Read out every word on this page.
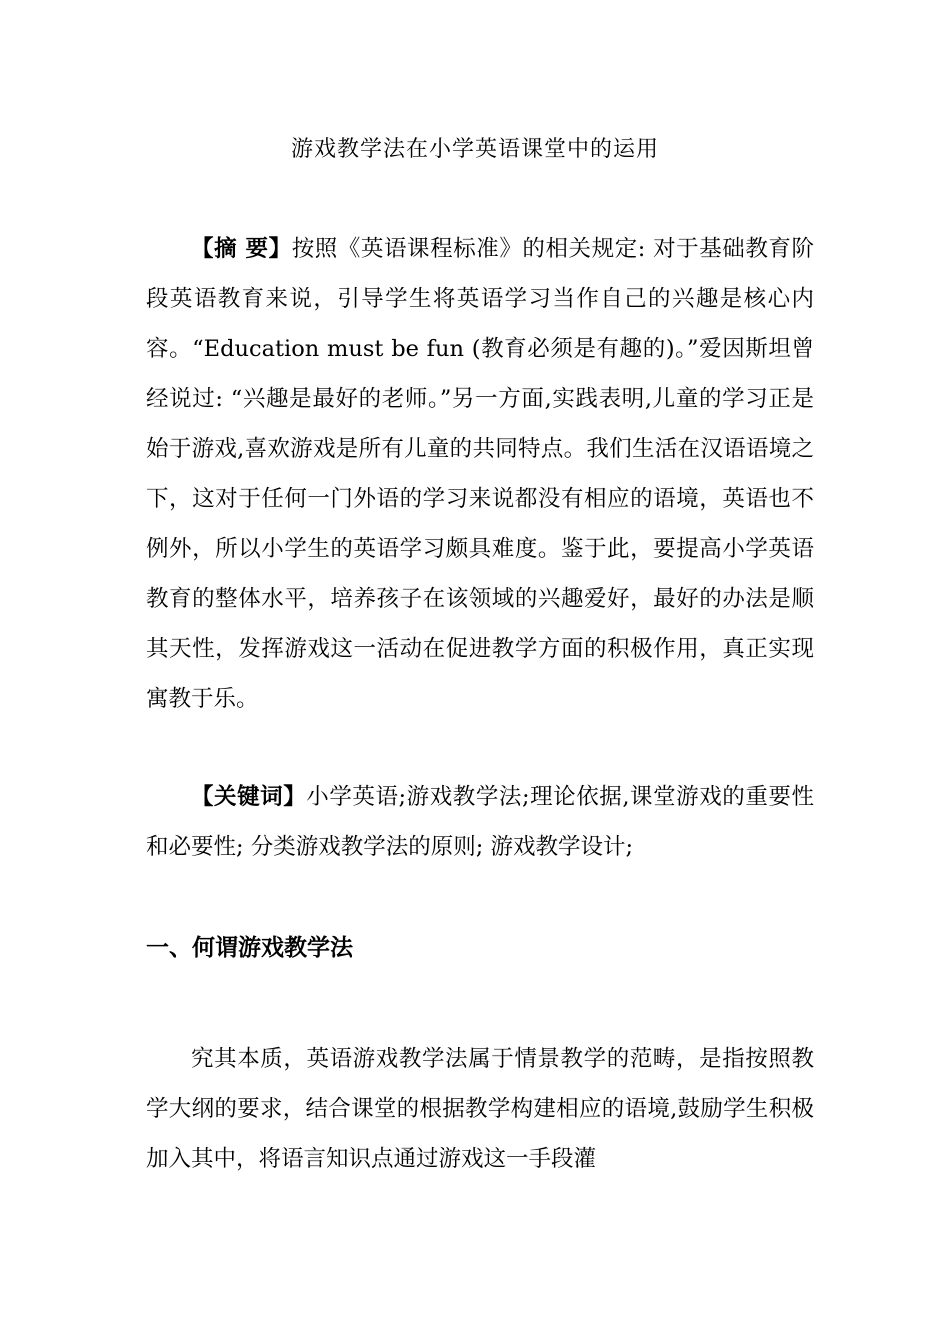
游戏教学法在小学英语课堂中的运用

【摘 要】按照《英语课程标准》的相关规定: 对于基础教育阶段英语教育来说，引导学生将英语学习当作自己的兴趣是核心内容。“Education must be fun (教育必须是有趣的)。”爱因斯坦曾经说过: “兴趣是最好的老师。”另一方面,实践表明,儿童的学习正是始于游戏,喜欢游戏是所有儿童的共同特点。我们生活在汉语语境之下，这对于任何一门外语的学习来说都没有相应的语境，英语也不例外，所以小学生的英语学习颇具难度。鉴于此，要提高小学英语教育的整体水平，培养孩子在该领域的兴趣爱好，最好的办法是顺其天性，发挥游戏这一活动在促进教学方面的积极作用，真正实现寓教于乐。

【关键词】小学英语;游戏教学法;理论依据,课堂游戏的重要性和必要性; 分类游戏教学法的原则; 游戏教学设计;

一、何谓游戏教学法

究其本质，英语游戏教学法属于情景教学的范畴，是指按照教学大纲的要求，结合课堂的根据教学构建相应的语境,鼓励学生积极加入其中，将语言知识点通过游戏这一手段灌
